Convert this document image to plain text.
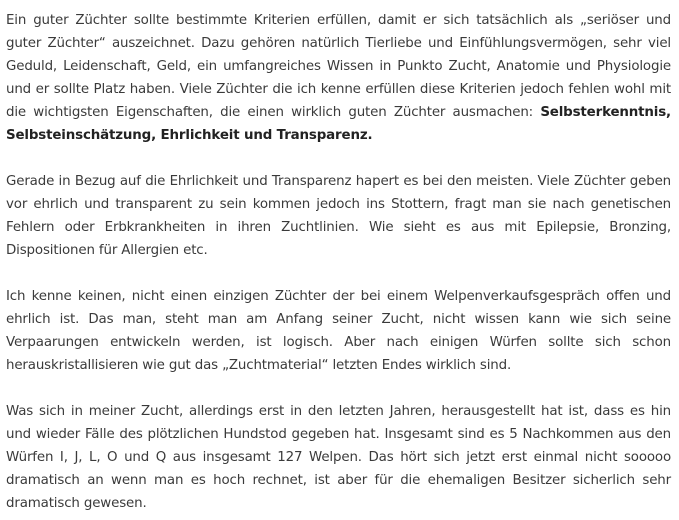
Ein guter Züchter sollte bestimmte Kriterien erfüllen, damit er sich tatsächlich als „seriöser und guter Züchter“ auszeichnet. Dazu gehören natürlich Tierliebe und Einfühlungsvermögen, sehr viel Geduld, Leidenschaft, Geld, ein umfangreiches Wissen in Punkto Zucht, Anatomie und Physiologie und er sollte Platz haben. Viele Züchter die ich kenne erfüllen diese Kriterien jedoch fehlen wohl mit die wichtigsten Eigenschaften, die einen wirklich guten Züchter ausmachen: Selbsterkenntnis, Selbsteinschätzung, Ehrlichkeit und Transparenz.

Gerade in Bezug auf die Ehrlichkeit und Transparenz hapert es bei den meisten. Viele Züchter geben vor ehrlich und transparent zu sein kommen jedoch ins Stottern, fragt man sie nach genetischen Fehlern oder Erbkrankheiten in ihren Zuchtlinien. Wie sieht es aus mit Epilepsie, Bronzing, Dispositionen für Allergien etc.

Ich kenne keinen, nicht einen einzigen Züchter der bei einem Welpenverkaufsgespräch offen und ehrlich ist. Das man, steht man am Anfang seiner Zucht, nicht wissen kann wie sich seine Verpaarungen entwickeln werden, ist logisch. Aber nach einigen Würfen sollte sich schon herauskristallisieren wie gut das „Zuchtmaterial“ letzten Endes wirklich sind.

Was sich in meiner Zucht, allerdings erst in den letzten Jahren, herausgestellt hat ist, dass es hin und wieder Fälle des plötzlichen Hundstod gegeben hat. Insgesamt sind es 5 Nachkommen aus den Würfen I, J, L, O und Q aus insgesamt 127 Welpen. Das hört sich jetzt erst einmal nicht sooooo dramatisch an wenn man es hoch rechnet, ist aber für die ehemaligen Besitzer sicherlich sehr dramatisch gewesen.
